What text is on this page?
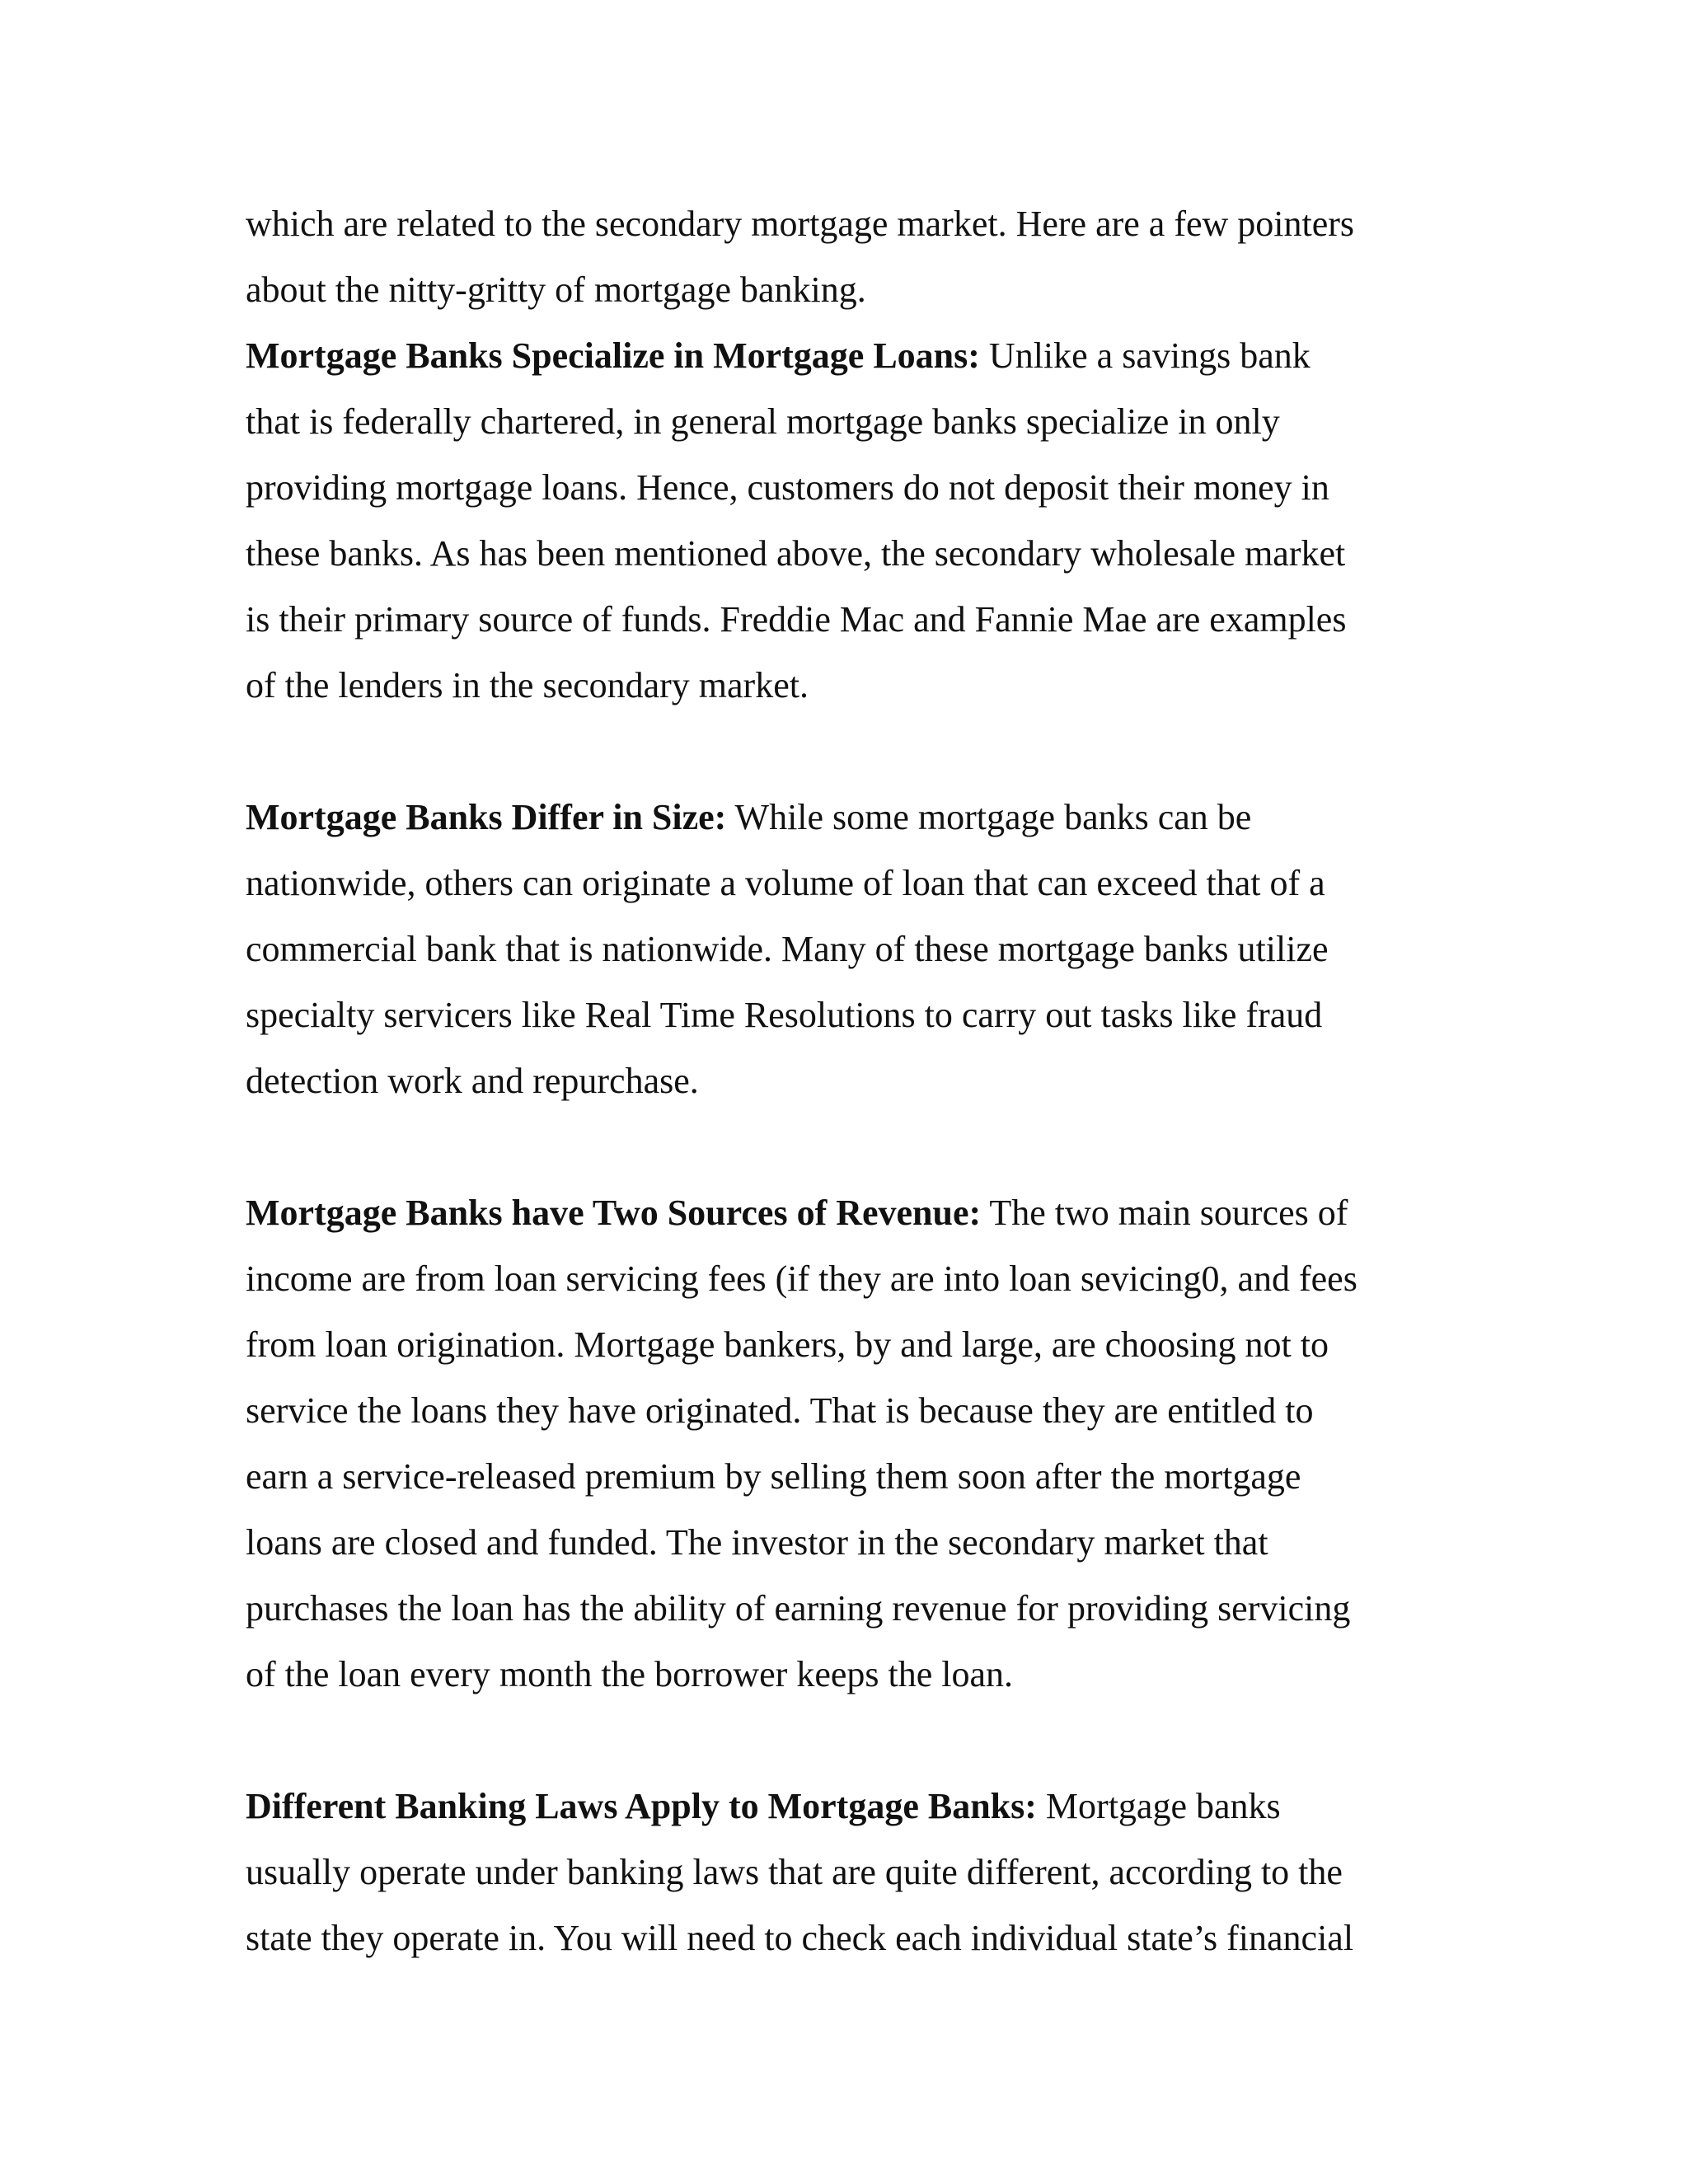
which are related to the secondary mortgage market. Here are a few pointers
about the nitty-gritty of mortgage banking.
Mortgage Banks Specialize in Mortgage Loans: Unlike a savings bank
that is federally chartered, in general mortgage banks specialize in only
providing mortgage loans. Hence, customers do not deposit their money in
these banks. As has been mentioned above, the secondary wholesale market
is their primary source of funds. Freddie Mac and Fannie Mae are examples
of the lenders in the secondary market.
Mortgage Banks Differ in Size: While some mortgage banks can be
nationwide, others can originate a volume of loan that can exceed that of a
commercial bank that is nationwide. Many of these mortgage banks utilize
specialty servicers like Real Time Resolutions to carry out tasks like fraud
detection work and repurchase.
Mortgage Banks have Two Sources of Revenue: The two main sources of
income are from loan servicing fees (if they are into loan sevicing0, and fees
from loan origination. Mortgage bankers, by and large, are choosing not to
service the loans they have originated. That is because they are entitled to
earn a service-released premium by selling them soon after the mortgage
loans are closed and funded. The investor in the secondary market that
purchases the loan has the ability of earning revenue for providing servicing
of the loan every month the borrower keeps the loan.
Different Banking Laws Apply to Mortgage Banks: Mortgage banks
usually operate under banking laws that are quite different, according to the
state they operate in. You will need to check each individual state’s financial
